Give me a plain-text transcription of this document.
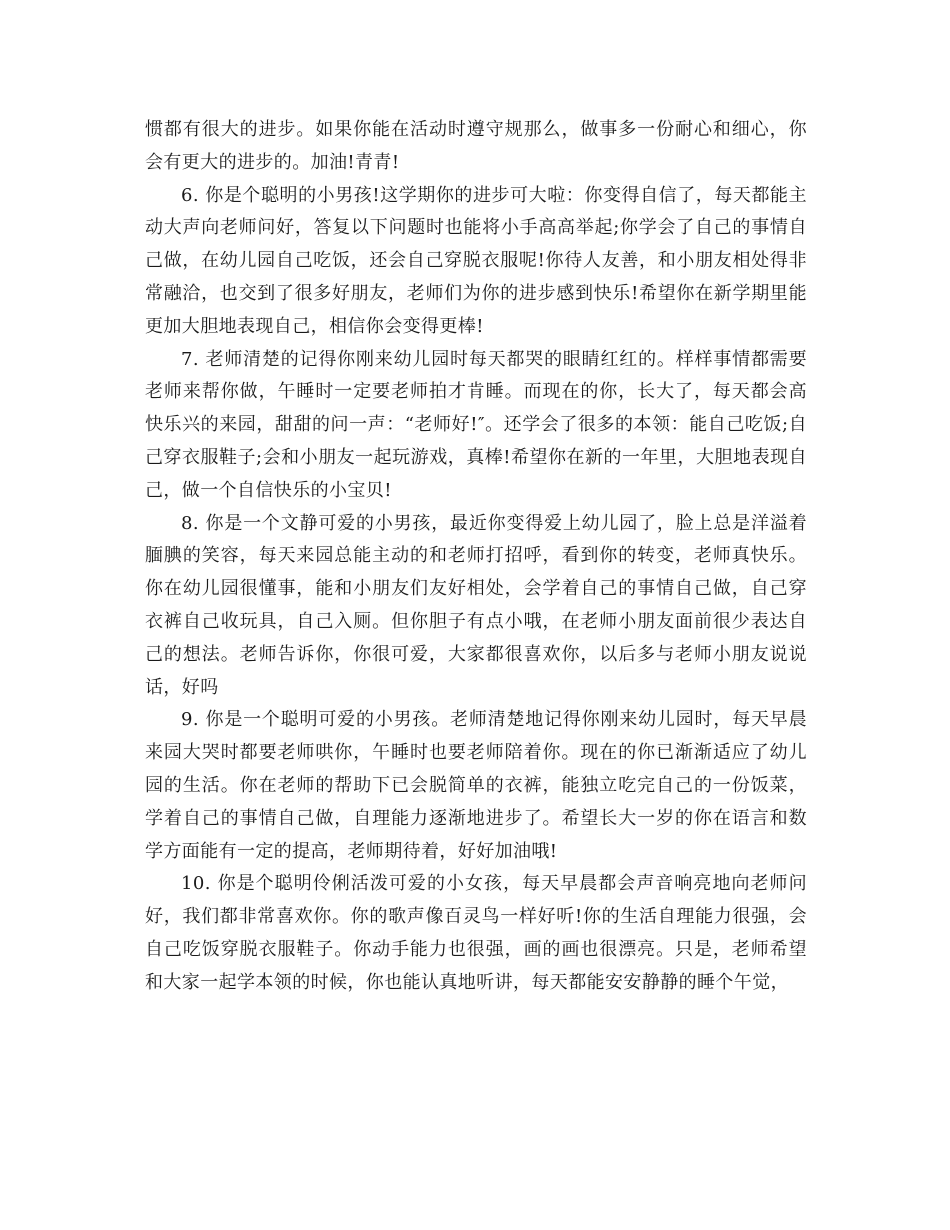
惯都有很大的进步。如果你能在活动时遵守规那么，做事多一份耐心和细心，你会有更大的进步的。加油!青青!

6. 你是个聪明的小男孩!这学期你的进步可大啦：你变得自信了，每天都能主动大声向老师问好，答复以下问题时也能将小手高高举起;你学会了自己的事情自己做，在幼儿园自己吃饭，还会自己穿脱衣服呢!你待人友善，和小朋友相处得非常融洽，也交到了很多好朋友，老师们为你的进步感到快乐!希望你在新学期里能更加大胆地表现自己，相信你会变得更棒!

7. 老师清楚的记得你刚来幼儿园时每天都哭的眼睛红红的。样样事情都需要老师来帮你做，午睡时一定要老师拍才肯睡。而现在的你，长大了，每天都会高快乐兴的来园，甜甜的问一声：“老师好!″。还学会了很多的本领：能自己吃饭;自己穿衣服鞋子;会和小朋友一起玩游戏，真棒!希望你在新的一年里，大胆地表现自己，做一个自信快乐的小宝贝!

8. 你是一个文静可爱的小男孩，最近你变得爱上幼儿园了，脸上总是洋溢着腼腆的笑容，每天来园总能主动的和老师打招呼，看到你的转变，老师真快乐。你在幼儿园很懂事，能和小朋友们友好相处，会学着自己的事情自己做，自己穿衣裤自己收玩具，自己入厕。但你胆子有点小哦，在老师小朋友面前很少表达自己的想法。老师告诉你，你很可爱，大家都很喜欢你，以后多与老师小朋友说说话，好吗

9. 你是一个聪明可爱的小男孩。老师清楚地记得你刚来幼儿园时，每天早晨来园大哭时都要老师哄你，午睡时也要老师陪着你。现在的你已渐渐适应了幼儿园的生活。你在老师的帮助下已会脱简单的衣裤，能独立吃完自己的一份饭菜，学着自己的事情自己做，自理能力逐渐地进步了。希望长大一岁的你在语言和数学方面能有一定的提高，老师期待着，好好加油哦!

10. 你是个聪明伶俐活泼可爱的小女孩，每天早晨都会声音响亮地向老师问好，我们都非常喜欢你。你的歌声像百灵鸟一样好听!你的生活自理能力很强，会自己吃饭穿脱衣服鞋子。你动手能力也很强，画的画也很漂亮。只是，老师希望和大家一起学本领的时候，你也能认真地听讲，每天都能安安静静的睡个午觉，
